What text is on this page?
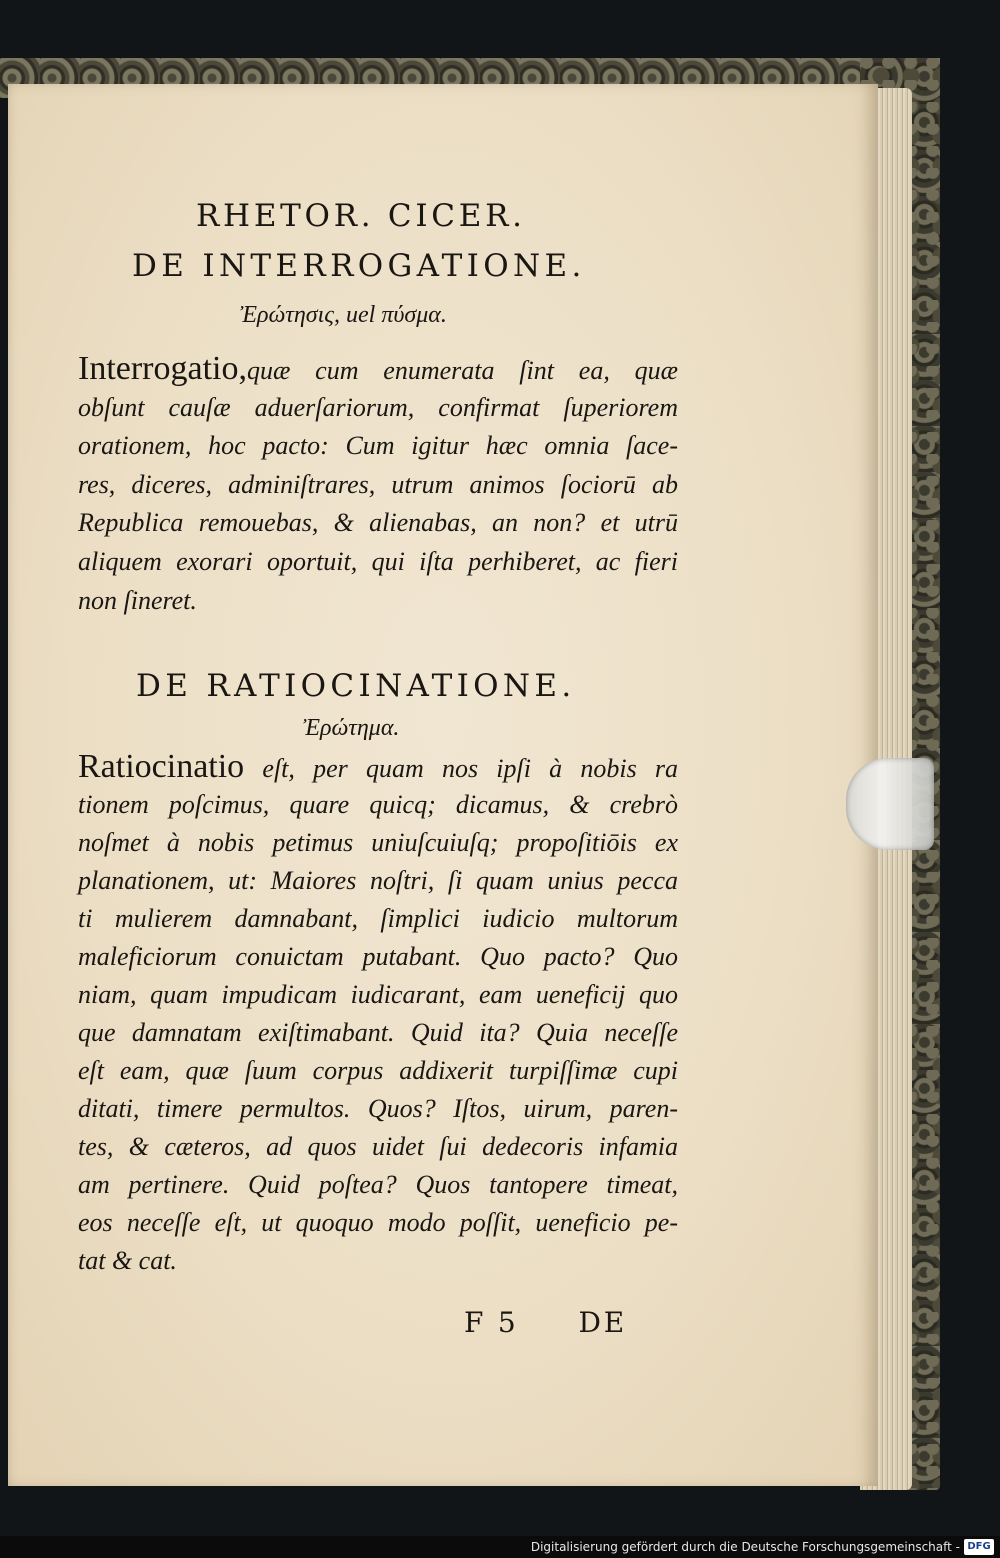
RHETOR. CICER.
DE INTERROGATIONE.
Ἐρώτησις, uel πύσμα.
Interrogatio,quæ cum enumerata ſint ea, quæ
obſunt cauſæ aduerſariorum, confirmat ſuperiorem
orationem, hoc pacto: Cum igitur hæc omnia ſace-
res, diceres, adminiſtrares, utrum animos ſociorū ab
Republica remouebas, & alienabas, an non? et utrū
aliquem exorari oportuit, qui iſta perhiberet, ac fieri
non ſineret.
DE RATIOCINATIONE.
Ἐρώτημα.
Ratiocinatio eſt, per quam nos ipſi à nobis ra
tionem poſcimus, quare quicq; dicamus, & crebrò
noſmet à nobis petimus uniuſcuiuſq; propoſitiōis ex
planationem, ut: Maiores noſtri, ſi quam unius pecca
ti mulierem damnabant, ſimplici iudicio multorum
maleficiorum conuictam putabant. Quo pacto? Quo
niam, quam impudicam iudicarant, eam ueneficij quo
que damnatam exiſtimabant. Quid ita? Quia neceſſe
eſt eam, quæ ſuum corpus addixerit turpiſſimæ cupi
ditati, timere permultos. Quos? Iſtos, uirum, paren-
tes, & cæteros, ad quos uidet ſui dedecoris infamia
am pertinere. Quid poſtea? Quos tantopere timeat,
eos neceſſe eſt, ut quoquo modo poſſit, ueneficio pe-
tat & cat.
F 5 DE
Digitalisierung gefördert durch die Deutsche Forschungsgemeinschaft - DFG
